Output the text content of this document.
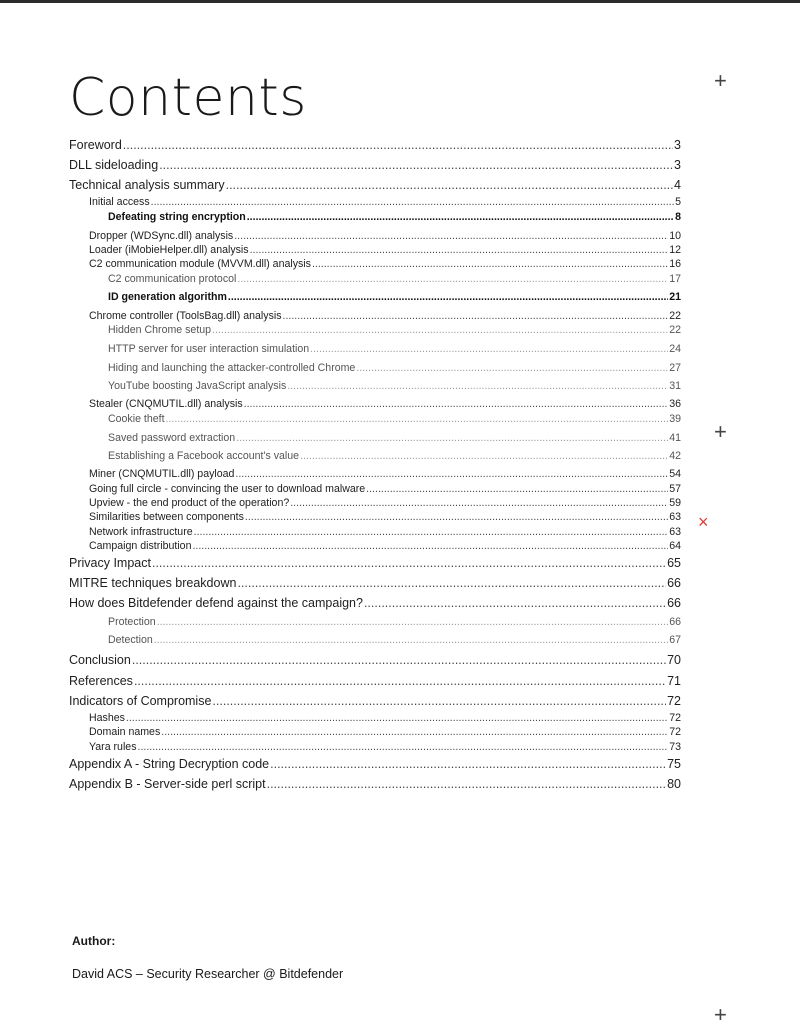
Contents
Foreword .....	3
DLL sideloading .....	3
Technical analysis summary .....	4
Initial access .....	5
Defeating string encryption .....	8
Dropper (WDSync.dll) analysis .....	10
Loader (iMobieHelper.dll) analysis .....	12
C2 communication module (MVVM.dll) analysis .....	16
C2 communication protocol .....	17
ID generation algorithm .....	21
Chrome controller (ToolsBag.dll) analysis .....	22
Hidden Chrome setup .....	22
HTTP server for user interaction simulation .....	24
Hiding and launching the attacker-controlled Chrome .....	27
YouTube boosting JavaScript analysis .....	31
Stealer (CNQMUTIL.dll) analysis .....	36
Cookie theft .....	39
Saved password extraction .....	41
Establishing a Facebook account's value .....	42
Miner (CNQMUTIL.dll) payload .....	54
Going full circle - convincing the user to download malware .....	57
Upview - the end product of the operation? .....	59
Similarities between components .....	63
Network infrastructure .....	63
Campaign distribution .....	64
Privacy Impact .....	65
MITRE techniques breakdown .....	66
How does Bitdefender defend against the campaign? .....	66
Protection .....	66
Detection .....	67
Conclusion .....	70
References .....	71
Indicators of Compromise .....	72
Hashes .....	72
Domain names .....	72
Yara rules .....	73
Appendix A - String Decryption code .....	75
Appendix B - Server-side perl script .....	80
+
+
×
+
Author:
David ACS – Security Researcher @ Bitdefender
